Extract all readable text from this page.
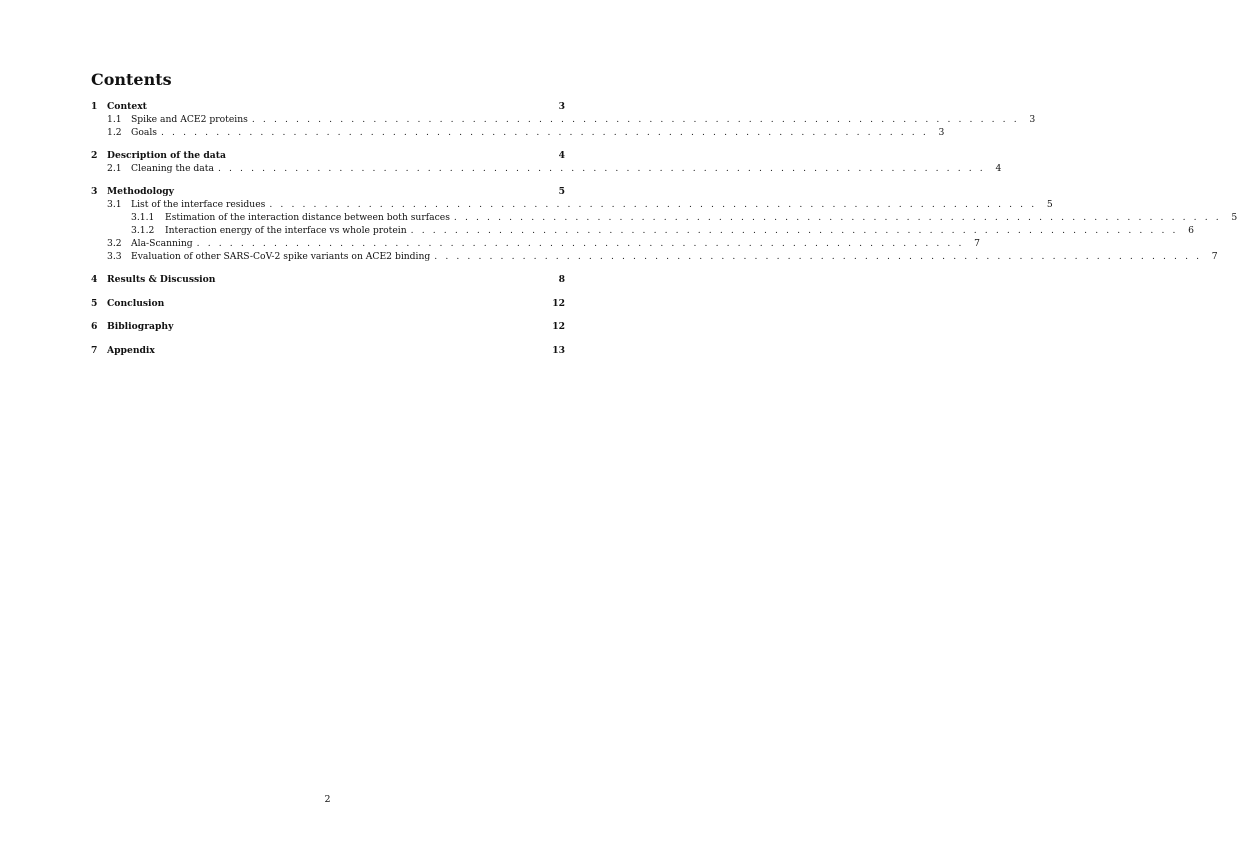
Contents
1	Context	3
1.1	Spike and ACE2 proteins . . . . . . . . . . . . . . . . . . . . . . . . . . . . . . . . . . . . . . . . . . . . . . . . . . . . . . . . . . . . . . . . . . . . . .	3
1.2	Goals . . . . . . . . . . . . . . . . . . . . . . . . . . . . . . . . . . . . . . . . . . . . . . . . . . . . . . . . . . . . . . . . . . . . . .	3
2	Description of the data	4
2.1	Cleaning the data . . . . . . . . . . . . . . . . . . . . . . . . . . . . . . . . . . . . . . . . . . . . . . . . . . . . . . . . . . . . . . . . . . . . . .	4
3	Methodology	5
3.1	List of the interface residues . . . . . . . . . . . . . . . . . . . . . . . . . . . . . . . . . . . . . . . . . . . . . . . . . . . . . . . . . . . . . . . . . . . . . .	5
3.1.1	Estimation of the interaction distance between both surfaces . . . . . . . . . . . . . . . . . . . . . . . . . . . . . . . . . . . . . . . . . . . . . . . . . . . . . . . . . . . . . . . . . . . . . .	5
3.1.2	Interaction energy of the interface vs whole protein . . . . . . . . . . . . . . . . . . . . . . . . . . . . . . . . . . . . . . . . . . . . . . . . . . . . . . . . . . . . . . . . . . . . . .	6
3.2	Ala-Scanning . . . . . . . . . . . . . . . . . . . . . . . . . . . . . . . . . . . . . . . . . . . . . . . . . . . . . . . . . . . . . . . . . . . . . .	7
3.3	Evaluation of other SARS-CoV-2 spike variants on ACE2 binding . . . . . . . . . . . . . . . . . . . . . . . . . . . . . . . . . . . . . . . . . . . . . . . . . . . . . . . . . . . . . . . . . . . . . .	7
4	Results & Discussion	8
5	Conclusion	12
6	Bibliography	12
7	Appendix	13
2
